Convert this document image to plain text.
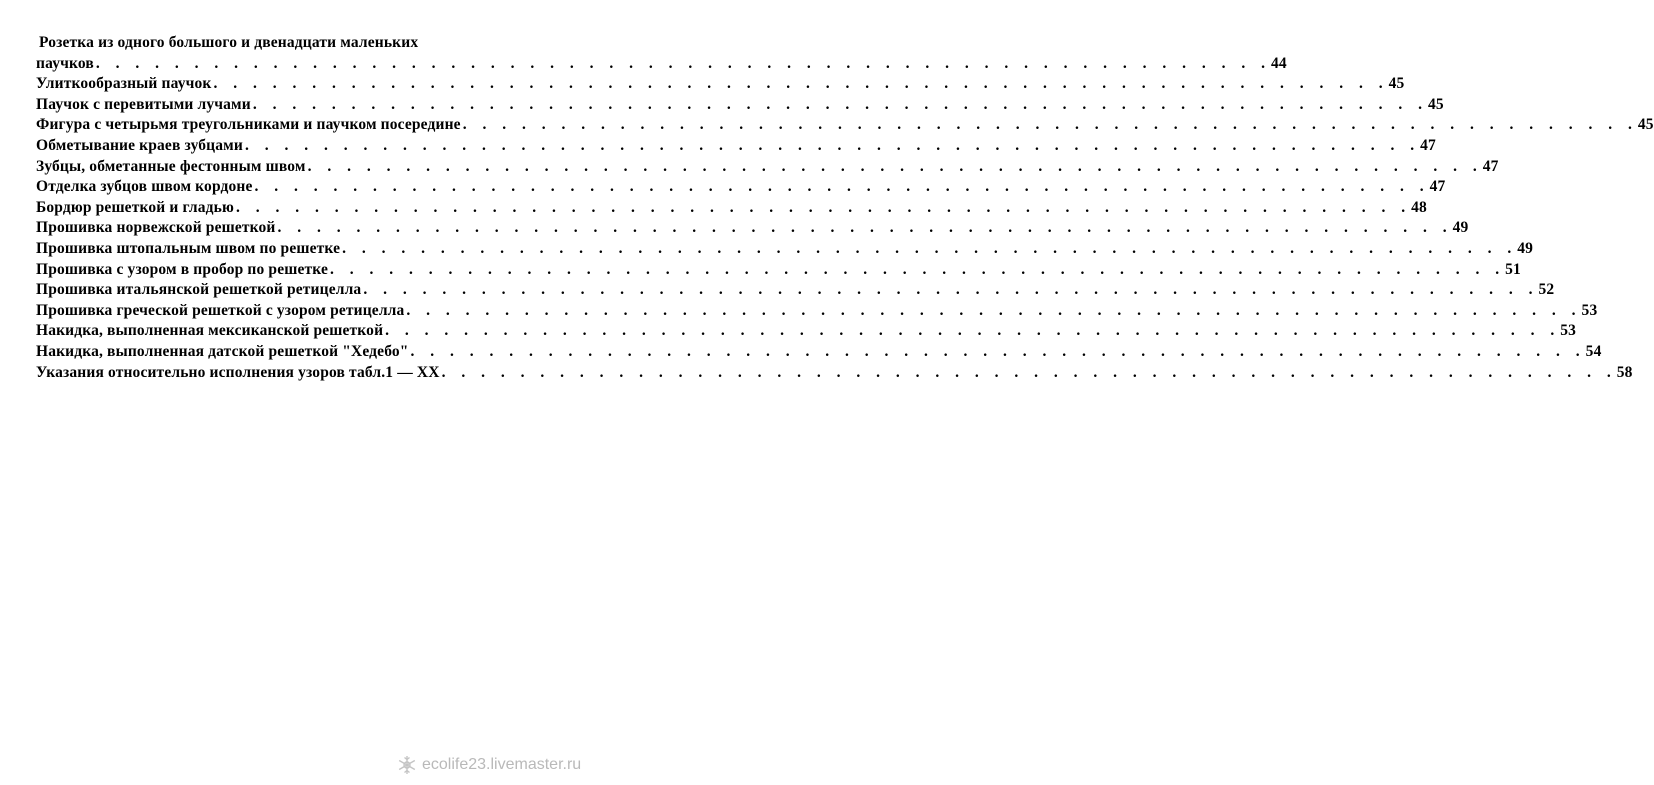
Розетка из одного большого и двенадцати маленьких
паучков . . . . . . . . . . . . . . . . . . . . . . . . . . . . . . . . . . . . . . . . . . . . . . . . . . . . . . . . . . . . 44
Улиткообразный паучок . . . . . . . . . . . . . . . . . . . . . . . . . . . . . . . . . . . . . . . . . . . . . . . . . . . . . . . . . . . . 45
Паучок с перевитыми лучами . . . . . . . . . . . . . . . . . . . . . . . . . . . . . . . . . . . . . . . . . . . . . . . . . . . . . . . . . . . . 45
Фигура с четырьмя треугольниками и паучком посередине . . . . . . . . . . . . . . . . . . . . . . . . . . . . . . . . . . . . . . . . . . . . . . . . . . . . . . . . . . . . 45
Обметывание краев зубцами . . . . . . . . . . . . . . . . . . . . . . . . . . . . . . . . . . . . . . . . . . . . . . . . . . . . . . . . . . . . 47
Зубцы, обметанные фестонным швом . . . . . . . . . . . . . . . . . . . . . . . . . . . . . . . . . . . . . . . . . . . . . . . . . . . . . . . . . . . . 47
Отделка зубцов швом кордоне . . . . . . . . . . . . . . . . . . . . . . . . . . . . . . . . . . . . . . . . . . . . . . . . . . . . . . . . . . . . 47
Бордюр решеткой и гладью . . . . . . . . . . . . . . . . . . . . . . . . . . . . . . . . . . . . . . . . . . . . . . . . . . . . . . . . . . . . 48
Прошивка норвежской решеткой . . . . . . . . . . . . . . . . . . . . . . . . . . . . . . . . . . . . . . . . . . . . . . . . . . . . . . . . . . . . 49
Прошивка штопальным швом по решетке . . . . . . . . . . . . . . . . . . . . . . . . . . . . . . . . . . . . . . . . . . . . . . . . . . . . . . . . . . . . 49
Прошивка с узором в пробор по решетке . . . . . . . . . . . . . . . . . . . . . . . . . . . . . . . . . . . . . . . . . . . . . . . . . . . . . . . . . . . . 51
Прошивка итальянской решеткой ретицелла . . . . . . . . . . . . . . . . . . . . . . . . . . . . . . . . . . . . . . . . . . . . . . . . . . . . . . . . . . . . 52
Прошивка греческой решеткой с узором ретицелла . . . . . . . . . . . . . . . . . . . . . . . . . . . . . . . . . . . . . . . . . . . . . . . . . . . . . . . . . . . . 53
Накидка, выполненная мексиканской решеткой . . . . . . . . . . . . . . . . . . . . . . . . . . . . . . . . . . . . . . . . . . . . . . . . . . . . . . . . . . . . 53
Накидка, выполненная датской решеткой "Хедебо" . . . . . . . . . . . . . . . . . . . . . . . . . . . . . . . . . . . . . . . . . . . . . . . . . . . . . . . . . . . . 54
Указания относительно исполнения узоров табл.1 — XX . . . . . . . . . . . . . . . . . . . . . . . . . . . . . . . . . . . . . . . . . . . . . . . . . . . . . . . . . . . . 58
ecolife23.livemaster.ru
